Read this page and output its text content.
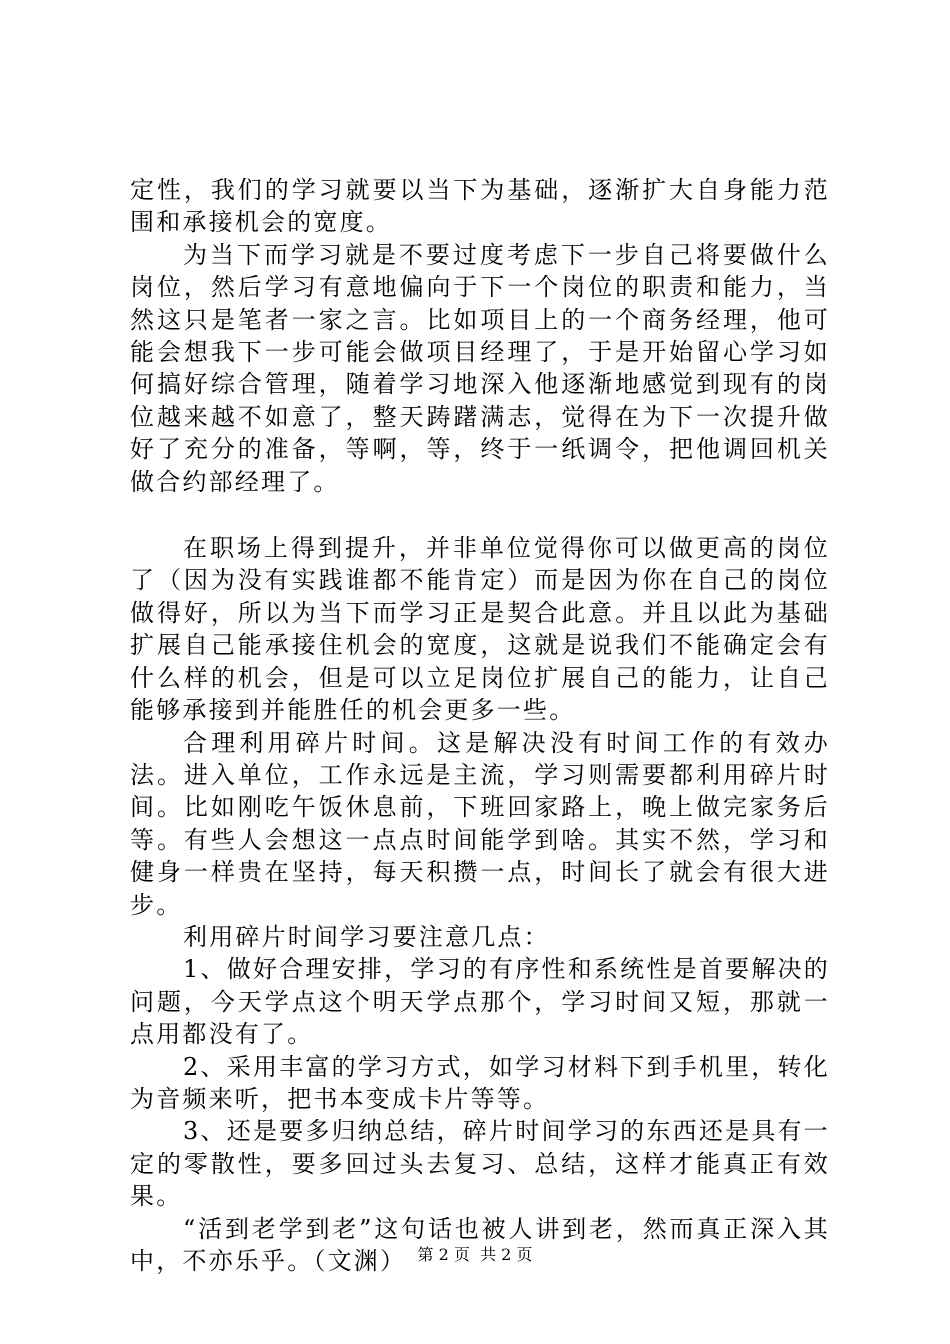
定性，我们的学习就要以当下为基础，逐渐扩大自身能力范围和承接机会的宽度。

为当下而学习就是不要过度考虑下一步自己将要做什么岗位，然后学习有意地偏向于下一个岗位的职责和能力，当然这只是笔者一家之言。比如项目上的一个商务经理，他可能会想我下一步可能会做项目经理了，于是开始留心学习如何搞好综合管理，随着学习地深入他逐渐地感觉到现有的岗位越来越不如意了，整天踌躇满志，觉得在为下一次提升做好了充分的准备，等啊，等，终于一纸调令，把他调回机关做合约部经理了。

在职场上得到提升，并非单位觉得你可以做更高的岗位了（因为没有实践谁都不能肯定）而是因为你在自己的岗位做得好，所以为当下而学习正是契合此意。并且以此为基础扩展自己能承接住机会的宽度，这就是说我们不能确定会有什么样的机会，但是可以立足岗位扩展自己的能力，让自己能够承接到并能胜任的机会更多一些。

合理利用碎片时间。这是解决没有时间工作的有效办法。进入单位，工作永远是主流，学习则需要都利用碎片时间。比如刚吃午饭休息前，下班回家路上，晚上做完家务后等。有些人会想这一点点时间能学到啥。其实不然，学习和健身一样贵在坚持，每天积攒一点，时间长了就会有很大进步。

利用碎片时间学习要注意几点：

1、做好合理安排，学习的有序性和系统性是首要解决的问题，今天学点这个明天学点那个，学习时间又短，那就一点用都没有了。

2、采用丰富的学习方式，如学习材料下到手机里，转化为音频来听，把书本变成卡片等等。

3、还是要多归纳总结，碎片时间学习的东西还是具有一定的零散性，要多回过头去复习、总结，这样才能真正有效果。

“活到老学到老”这句话也被人讲到老，然而真正深入其中，不亦乐乎。（文渊） 第 2 页  共 2 页
